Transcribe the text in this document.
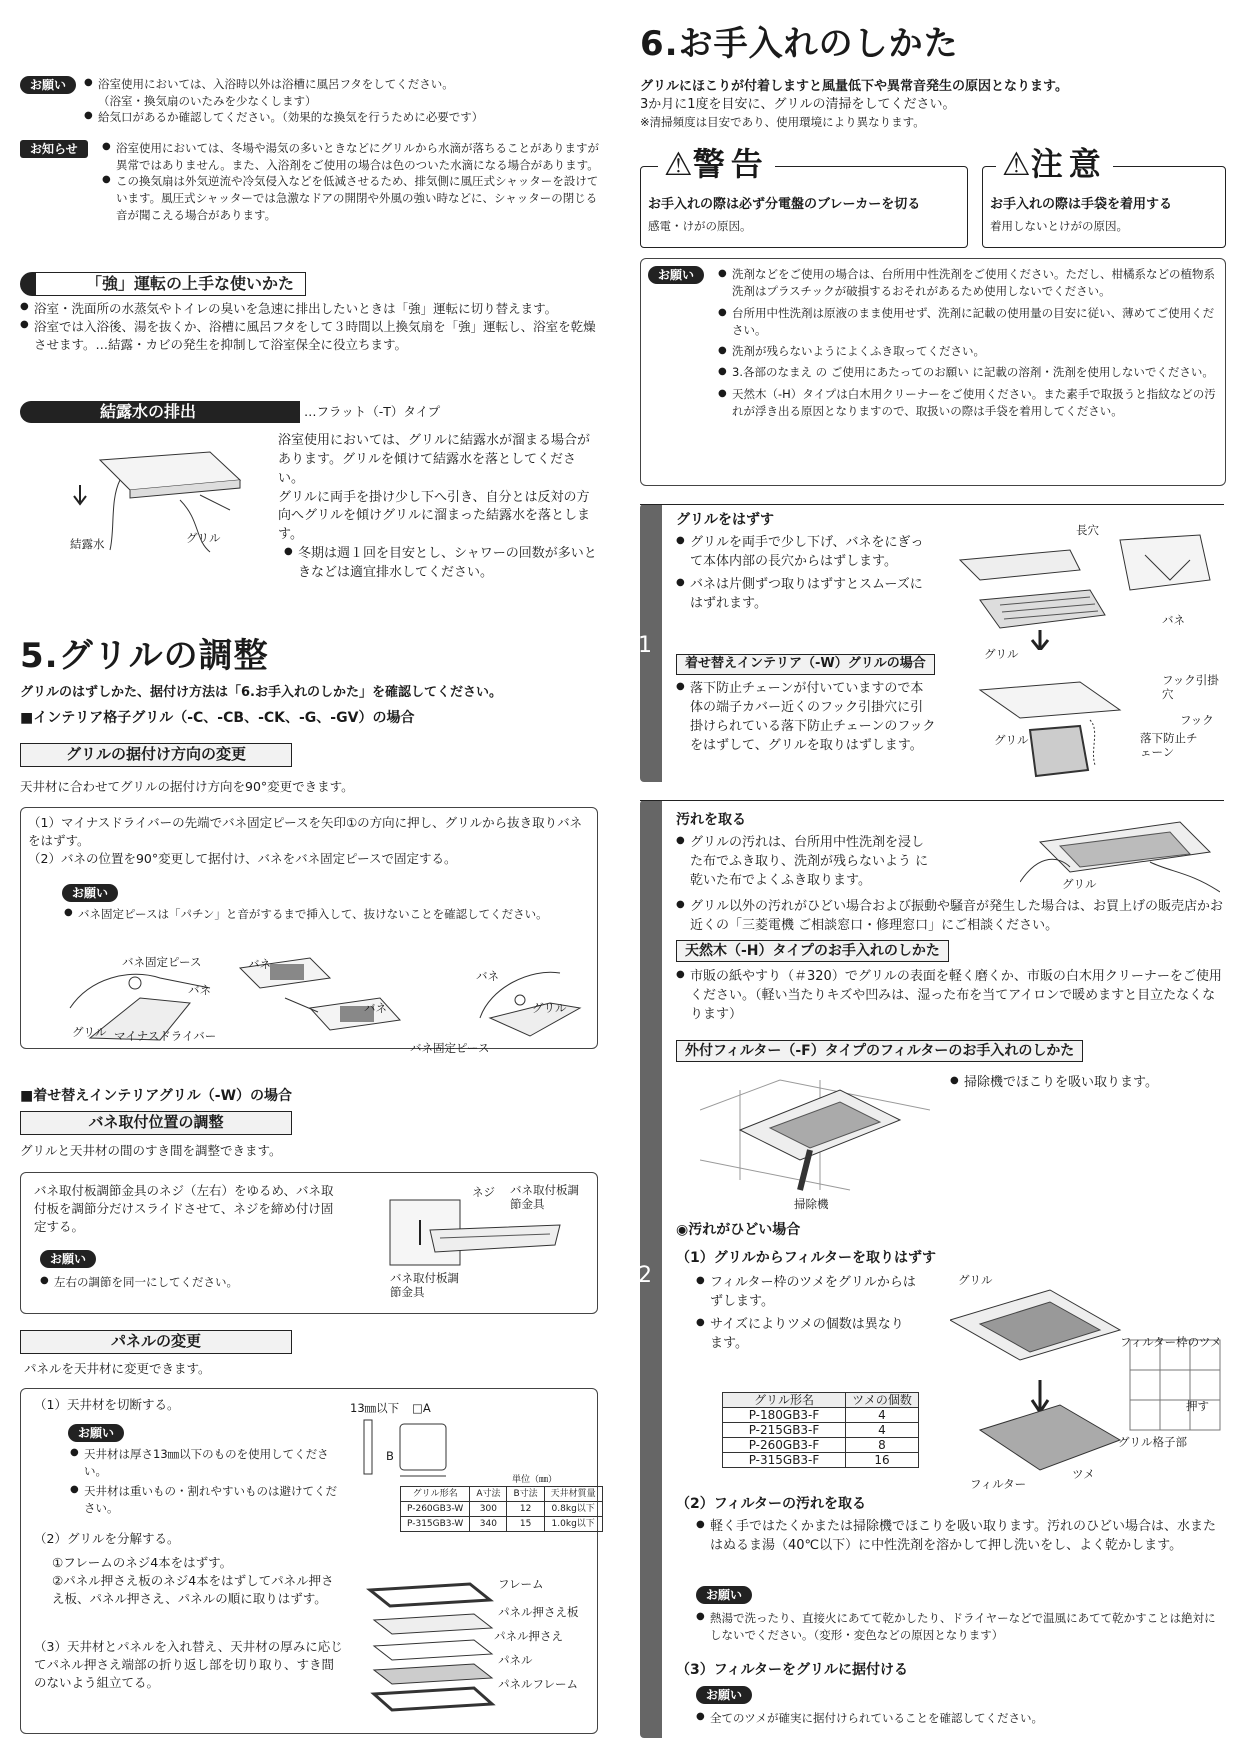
お願い	● 浴室使用においては、入浴時以外は浴槽に風呂フタをしてください。
（浴室・換気扇のいたみを少なくします）
● 給気口があるか確認してください。（効果的な換気を行うために必要です）
お知らせ	● 浴室使用においては、冬場や湯気の多いときなどにグリルから水滴が落ちることがありますが異常ではありません。また、入浴剤をご使用の場合は色のついた水滴になる場合があります。
● この換気扇は外気逆流や冷気侵入などを低減させるため、排気側に風圧式シャッターを設けています。風圧式シャッターでは急激なドアの開閉や外風の強い時などに、シャッターの閉じる音が聞こえる場合があります。
「強」運転の上手な使いかた
● 浴室・洗面所の水蒸気やトイレの臭いを急速に排出したいときは「強」運転に切り替えます。
● 浴室では入浴後、湯を抜くか、浴槽に風呂フタをして３時間以上換気扇を「強」運転し、浴室を乾燥させます。…結露・カビの発生を抑制して浴室保全に役立ちます。
結露水の排出	…フラット（-T）タイプ
浴室使用においては、グリルに結露水が溜まる場合があります。グリルを傾けて結露水を落としてください。
グリルに両手を掛け少し下へ引き、自分とは反対の方向へグリルを傾けグリルに溜まった結露水を落とします。
● 冬期は週１回を目安とし、シャワーの回数が多いときなどは適宜排水してください。
結露水	グリル
5.グリルの調整
グリルのはずしかた、据付け方法は「6.お手入れのしかた」を確認してください。
■インテリア格子グリル（-C、-CB、-CK、-G、-GV）の場合
グリルの据付け方向の変更
天井材に合わせてグリルの据付け方向を90°変更できます。
（1）マイナスドライバーの先端でバネ固定ピースを矢印①の方向に押し、グリルから抜き取りバネをはずす。
（2）バネの位置を90°変更して据付け、バネをバネ固定ピースで固定する。
お願い
● バネ固定ピースは「パチン」と音がするまで挿入して、抜けないことを確認してください。
バネ固定ピース
バネ
グリル マイナスドライバー
バネ
バネ
バネ
グリル
バネ固定ピース
■着せ替えインテリアグリル（-W）の場合
バネ取付位置の調整
グリルと天井材の間のすき間を調整できます。
バネ取付板調節金具のネジ（左右）をゆるめ、バネ取付板を調節分だけスライドさせて、ネジを締め付け固定する。
お願い
● 左右の調節を同一にしてください。
ネジ バネ取付板調節金具
バネ取付板調節金具
パネルの変更
パネルを天井材に変更できます。
（1）天井材を切断する。
お願い
● 天井材は厚さ13㎜以下のものを使用してください。
● 天井材は重いもの・割れやすいものは避けてください。
（2）グリルを分解する。
①フレームのネジ4本をはずす。
②パネル押さえ板のネジ4本をはずしてパネル押さえ板、パネル押さえ、パネルの順に取りはずす。
（3）天井材とパネルを入れ替え、天井材の厚みに応じてパネル押さえ端部の折り返し部を切り取り、すき間のないよう組立てる。
13㎜以下 □A
B
単位（㎜）
グリル形名	A寸法	B寸法	天井材質量
P-260GB3-W	300	12	0.8kg以下
P-315GB3-W	340	15	1.0kg以下
フレーム
パネル押さえ板
パネル押さえ
パネル
パネルフレーム
6.お手入れのしかた
グリルにほこりが付着しますと風量低下や異常音発生の原因となります。
3か月に1度を目安に、グリルの清掃をしてください。
※清掃頻度は目安であり、使用環境により異なります。
⚠警告
お手入れの際は必ず分電盤のブレーカーを切る
感電・けがの原因。
⚠注意
お手入れの際は手袋を着用する
着用しないとけがの原因。
お願い	● 洗剤などをご使用の場合は、台所用中性洗剤をご使用ください。ただし、柑橘系などの植物系洗剤はプラスチックが破損するおそれがあるため使用しないでください。
● 台所用中性洗剤は原液のまま使用せず、洗剤に記載の使用量の目安に従い、薄めてご使用ください。
● 洗剤が残らないようによくふき取ってください。
● 3.各部のなまえ の ご使用にあたってのお願い に記載の溶剤・洗剤を使用しないでください。
● 天然木（-H）タイプは白木用クリーナーをご使用ください。また素手で取扱うと指紋などの汚れが浮き出る原因となりますので、取扱いの際は手袋を着用してください。
1
グリルをはずす
● グリルを両手で少し下げ、バネをにぎって本体内部の長穴からはずします。
● バネは片側ずつ取りはずすとスムーズにはずれます。
長穴
バネ
グリル
着せ替えインテリア（-W）グリルの場合
● 落下防止チェーンが付いていますので本体の端子カバー近くのフック引掛穴に引掛けられている落下防止チェーンのフックをはずして、グリルを取りはずします。
フック引掛穴
フック
グリル	落下防止チェーン
2
汚れを取る
● グリルの汚れは、台所用中性洗剤を浸した布でふき取り、洗剤が残らないよう に乾いた布でよくふき取ります。
● グリル以外の汚れがひどい場合および振動や騒音が発生した場合は、お買上げの販売店かお近くの「三菱電機 ご相談窓口・修理窓口」にご相談ください。
グリル
天然木（-H）タイプのお手入れのしかた
● 市販の紙やすり（＃320）でグリルの表面を軽く磨くか、市販の白木用クリーナーをご使用ください。（軽い当たりキズや凹みは、湿った布を当てアイロンで暖めますと目立たなくなります）
外付フィルター（-F）タイプのフィルターのお手入れのしかた
● 掃除機でほこりを吸い取ります。
掃除機
◉汚れがひどい場合
（1）グリルからフィルターを取りはずす
● フィルター枠のツメをグリルからはずします。
● サイズによりツメの個数は異なります。
グリル形名	ツメの個数
P-180GB3-F	4
P-215GB3-F	4
P-260GB3-F	8
P-315GB3-F	16
グリル
フィルター枠のツメ
押す
グリル格子部
ツメ
フィルター
（2）フィルターの汚れを取る
● 軽く手ではたくかまたは掃除機でほこりを吸い取ります。汚れのひどい場合は、水またはぬるま湯（40℃以下）に中性洗剤を溶かして押し洗いをし、よく乾かします。
お願い
● 熱湯で洗ったり、直接火にあてて乾かしたり、ドライヤーなどで温風にあてて乾かすことは絶対にしないでください。（変形・変色などの原因となります）
（3）フィルターをグリルに据付ける
お願い
● 全てのツメが確実に据付けられていることを確認してください。
